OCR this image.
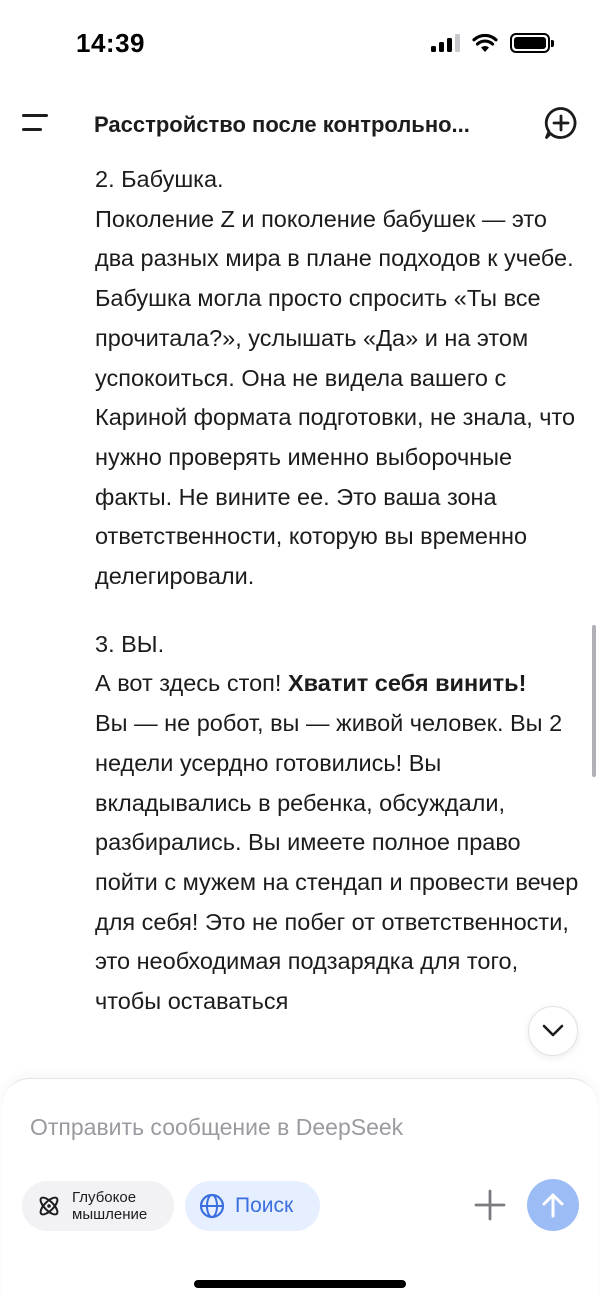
14:39
Расстройство после контрольно...

2. Бабушка.

Поколение Z и поколение бабушек — это два разных мира в плане подходов к учебе. Бабушка могла просто спросить «Ты все прочитала?», услышать «Да» и на этом успокоиться. Она не видела вашего с Кариной формата подготовки, не знала, что нужно проверять именно выборочные факты. Не вините ее. Это ваша зона ответственности, которую вы временно делегировали.

3. ВЫ.

А вот здесь стоп! Хватит себя винить!

Вы — не робот, вы — живой человек. Вы 2 недели усердно готовились! Вы вкладывались в ребенка, обсуждали, разбирались. Вы имеете полное право пойти с мужем на стендап и провести вечер для себя! Это не побег от ответственности, это необходимая подзарядка для того, чтобы оставаться

Отправить сообщение в DeepSeek
Глубокое
мышление	Поиск
